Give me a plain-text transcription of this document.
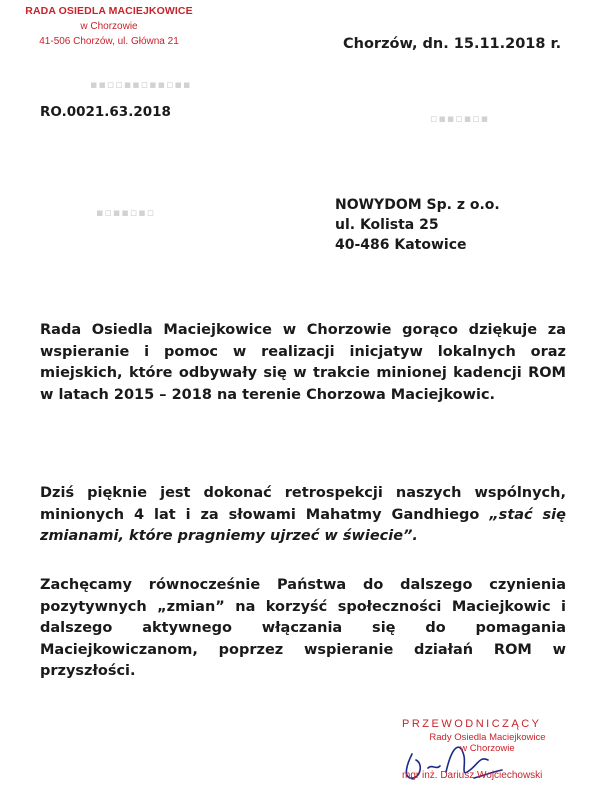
RADA OSIEDLA MACIEJKOWICE
w Chorzowie
41-506 Chorzów, ul. Główna 21	Chorzów, dn. 15.11.2018 r.
▪▪▫▫▪▪▫▪▪▫▪▪
▫▪▪▫▪▫▪
▪▫▪▪▫▪▫
RO.0021.63.2018
NOWYDOM Sp. z o.o.
ul. Kolista 25
40-486 Katowice

Rada Osiedla Maciejkowice w Chorzowie gorąco dziękuje za wspieranie i pomoc w realizacji inicjatyw lokalnych oraz miejskich, które odbywały się w trakcie minionej kadencji ROM w latach 2015 – 2018 na terenie Chorzowa Maciejkowic.

Dziś pięknie jest dokonać retrospekcji naszych wspólnych, minionych 4 lat i za słowami Mahatmy Gandhiego „stać się zmianami, które pragniemy ujrzeć w świecie”.

Zachęcamy równocześnie Państwa do dalszego czynienia pozytywnych „zmian” na korzyść społeczności Maciejkowic i dalszego aktywnego włączania się do pomagania Maciejkowiczanom, poprzez wspieranie działań ROM w przyszłości.

PRZEWODNICZĄCY
Rady Osiedla Maciejkowice
w Chorzowie
mgr inż. Dariusz Wojciechowski
